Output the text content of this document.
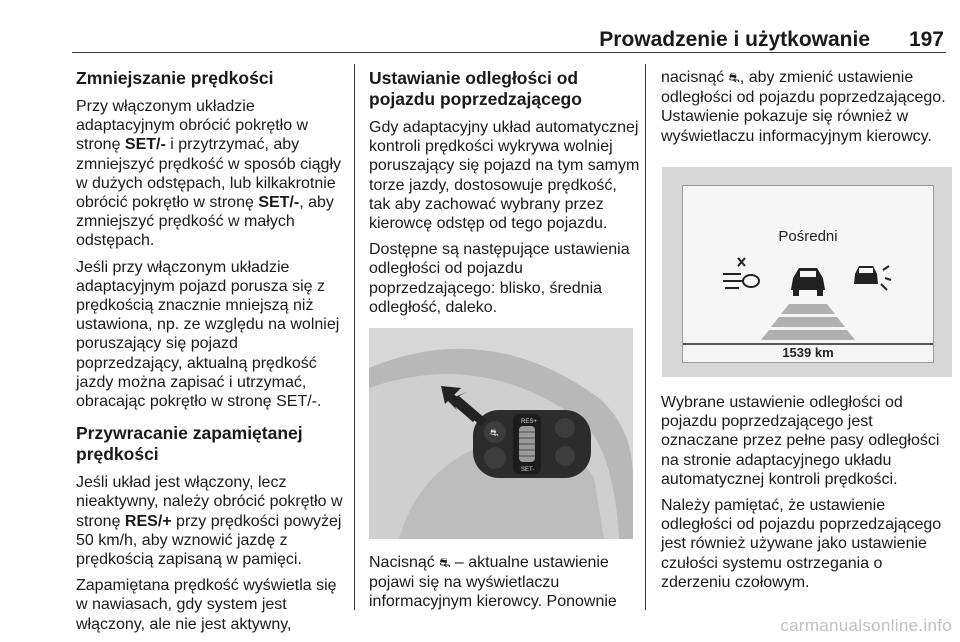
Prowadzenie i użytkowanie	197
Zmniejszanie prędkości

Przy włączonym układzie adaptacyjnym obrócić pokrętło w stronę SET/- i przytrzymać, aby zmniejszyć prędkość w sposób ciągły w dużych odstępach, lub kilkakrotnie obrócić pokrętło w stronę SET/-, aby zmniejszyć prędkość w małych odstępach.

Jeśli przy włączonym układzie adaptacyjnym pojazd porusza się z prędkością znacznie mniejszą niż ustawiona, np. ze względu na wolniej poruszający się pojazd poprzedzający, aktualną prędkość jazdy można zapisać i utrzymać, obracając pokrętło w stronę SET/-.

Przywracanie zapamiętanej prędkości

Jeśli układ jest włączony, lecz nieaktywny, należy obrócić pokrętło w stronę RES/+ przy prędkości powyżej 50 km/h, aby wznowić jazdę z prędkością zapisaną w pamięci.

Zapamiętana prędkość wyświetla się w nawiasach, gdy system jest włączony, ale nie jest aktywny,

Ustawianie odległości od pojazdu poprzedzającego

Gdy adaptacyjny układ automatycznej kontroli prędkości wykrywa wolniej poruszający się pojazd na tym samym torze jazdy, dostosowuje prędkość, tak aby zachować wybrany przez kierowcę odstęp od tego pojazdu.

Dostępne są następujące ustawienia odległości od pojazdu poprzedzającego: blisko, średnia odległość, daleko.

RES+
SET-
⛐

Nacisnąć ⛐ – aktualne ustawienie pojawi się na wyświetlaczu informacyjnym kierowcy. Ponownie

nacisnąć ⛐, aby zmienić ustawienie odległości od pojazdu poprzedzającego. Ustawienie pokazuje się również w wyświetlaczu informacyjnym kierowcy.

Pośredni
1539 km

Wybrane ustawienie odległości od pojazdu poprzedzającego jest oznaczane przez pełne pasy odległości na stronie adaptacyjnego układu automatycznej kontroli prędkości.

Należy pamiętać, że ustawienie odległości od pojazdu poprzedzającego jest również używane jako ustawienie czułości systemu ostrzegania o zderzeniu czołowym.

carmanualsonline.info
